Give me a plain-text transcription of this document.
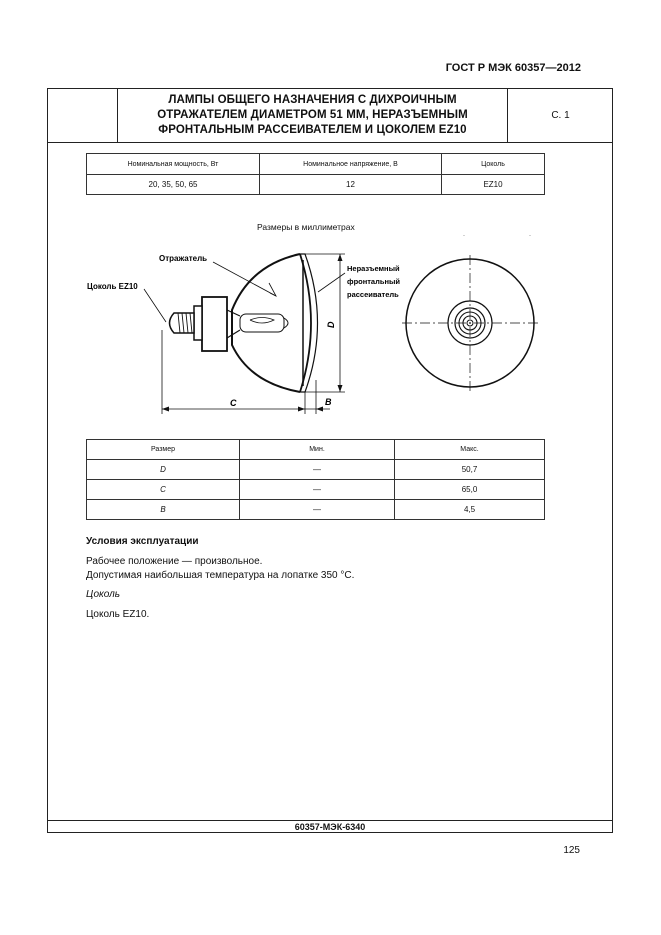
ГОСТ Р МЭК 60357—2012
ЛАМПЫ ОБЩЕГО НАЗНАЧЕНИЯ С ДИХРОИЧНЫМ
ОТРАЖАТЕЛЕМ ДИАМЕТРОМ 51 ММ, НЕРАЗЪЕМНЫМ
ФРОНТАЛЬНЫМ РАССЕИВАТЕЛЕМ И ЦОКОЛЕМ EZ10
С. 1
Номинальная мощность, Вт	Номинальное напряжение, В	Цоколь
20, 35, 50, 65	12	EZ10
Размеры в миллиметрах
Отражатель
Цоколь EZ10
Неразъемный
фронтальный
рассеиватель
C	B
D
Размер	Мин.	Макс.
D	—	50,7
C	—	65,0
B	—	4,5
Условия эксплуатации
Рабочее положение — произвольное.
Допустимая наибольшая температура на лопатке 350 °С.
Цоколь
Цоколь EZ10.
60357-МЭК-6340
125
